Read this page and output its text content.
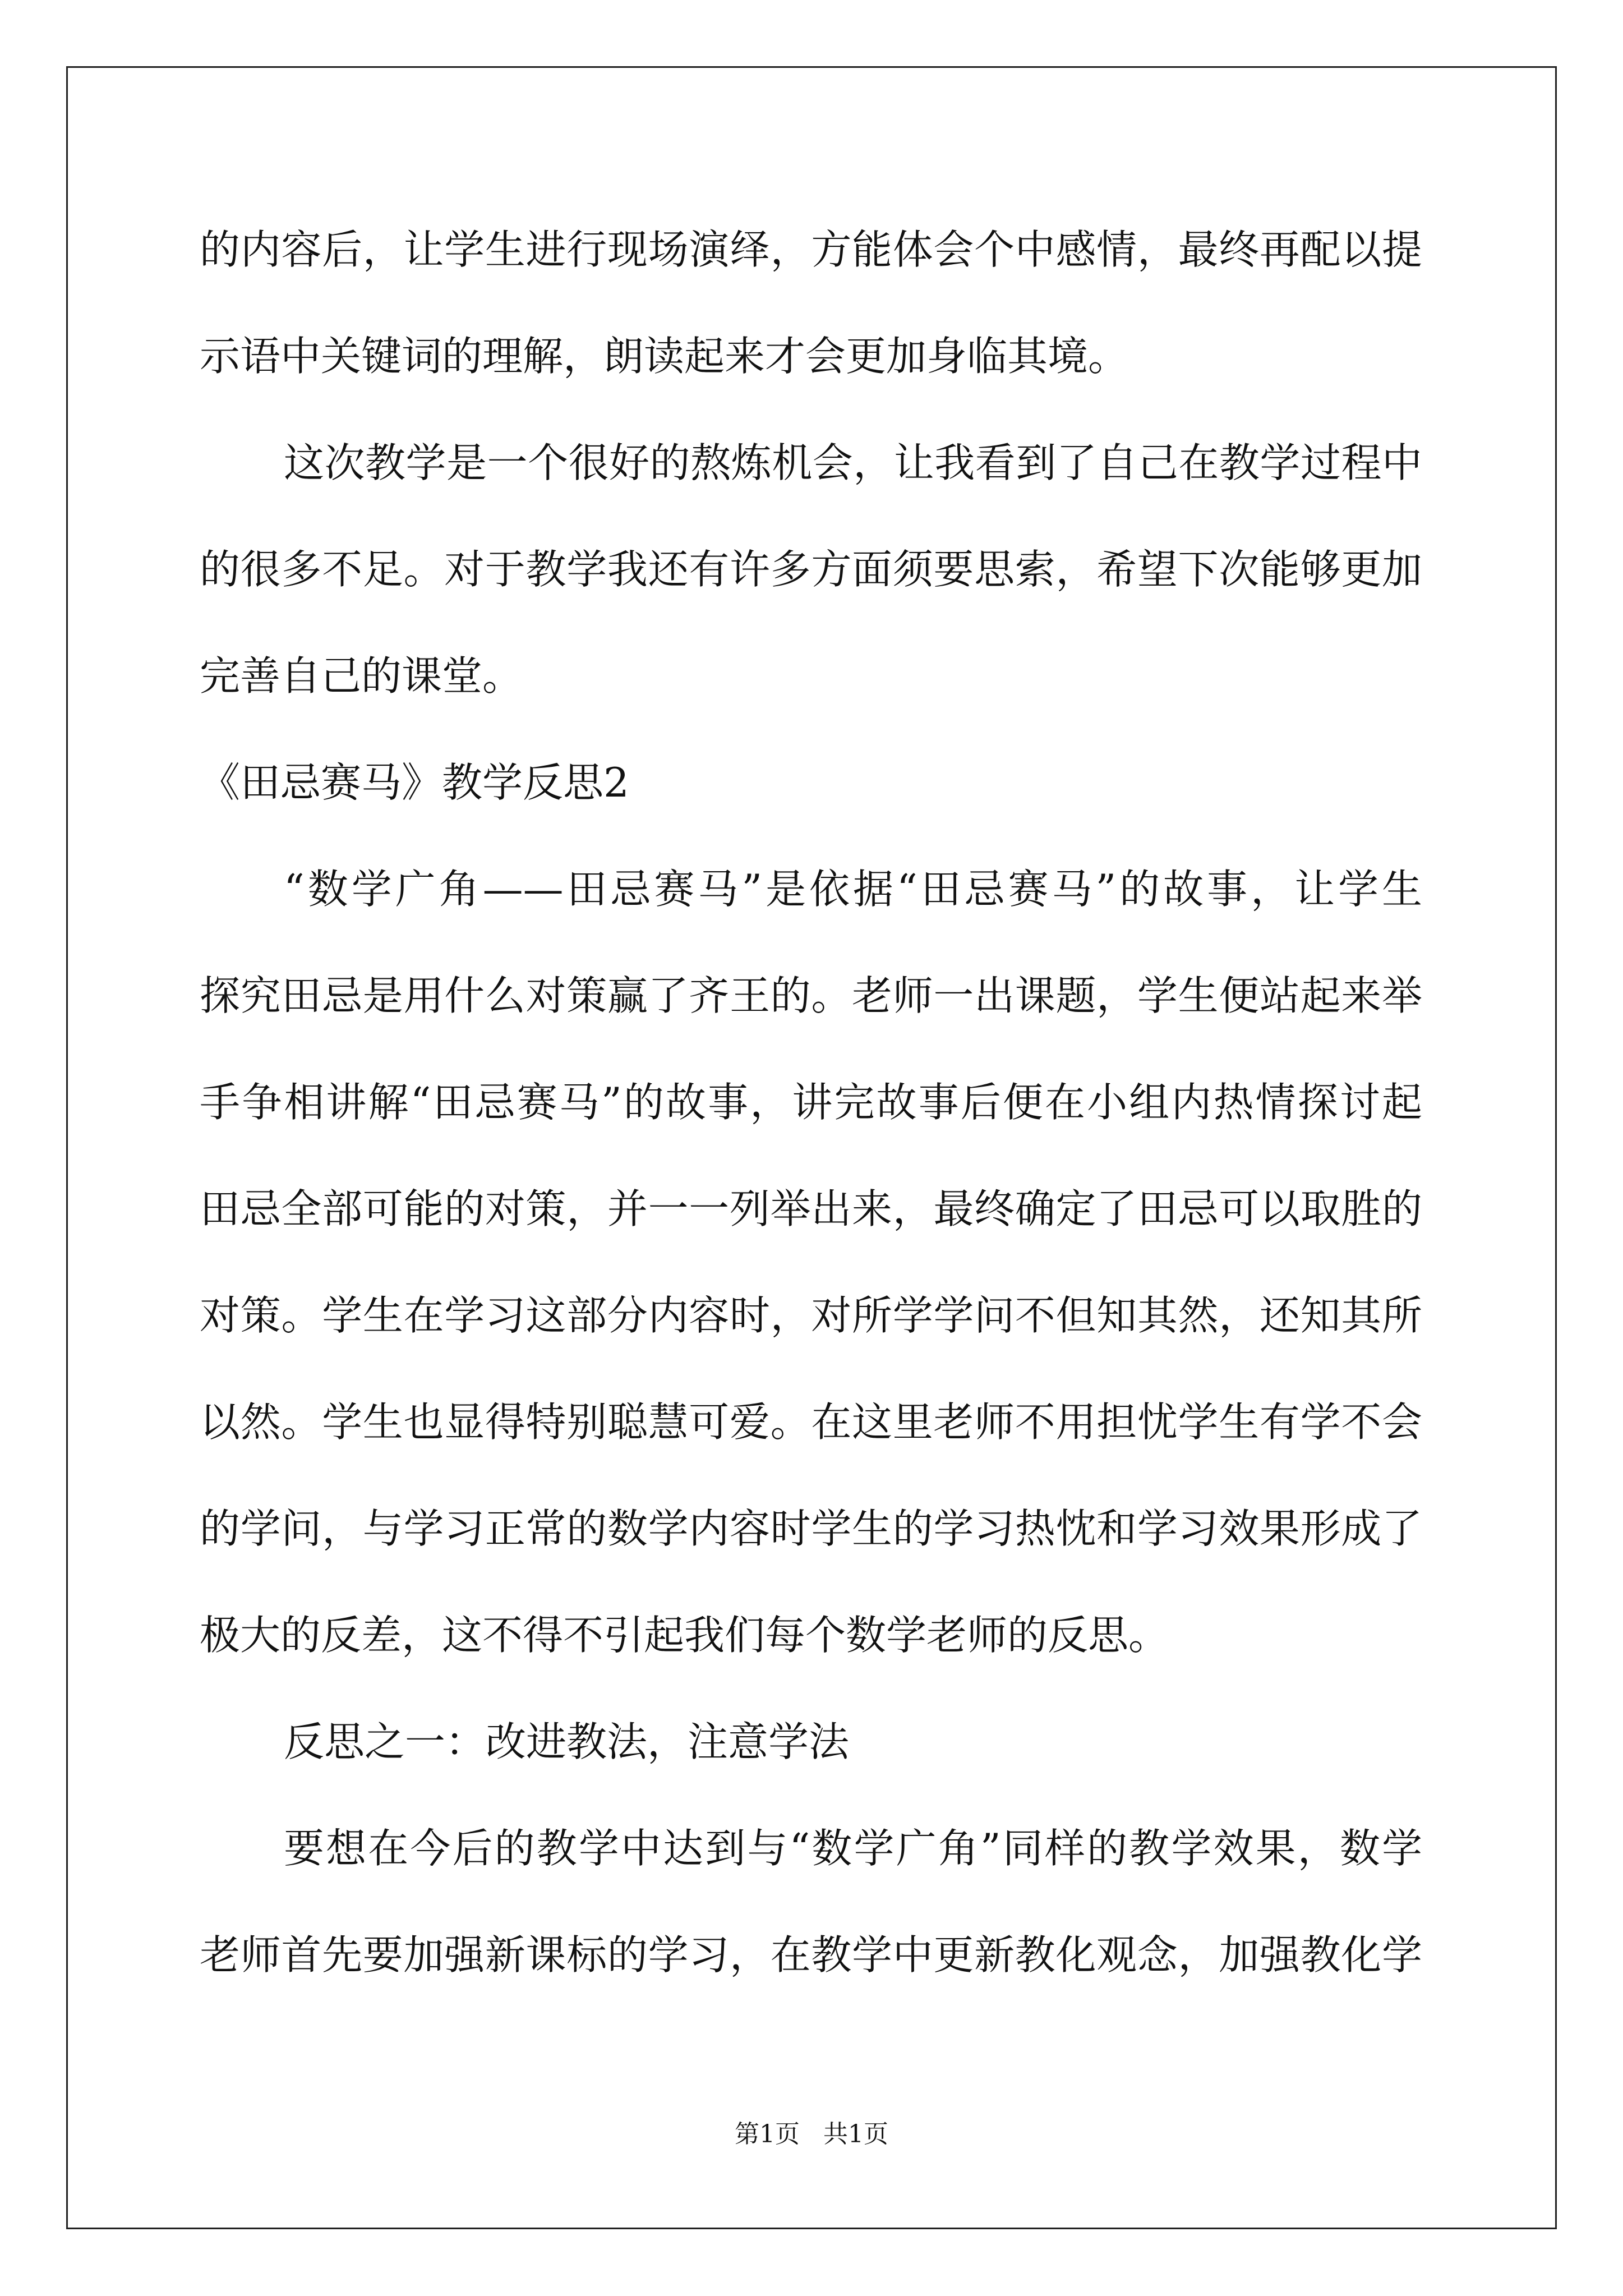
的内容后，让学生进行现场演绎，方能体会个中感情，最终再配以提
示语中关键词的理解，朗读起来才会更加身临其境。
这次教学是一个很好的熬炼机会，让我看到了自己在教学过程中
的很多不足。对于教学我还有许多方面须要思索，希望下次能够更加
完善自己的课堂。
《田忌赛马》教学反思2
“数学广角——田忌赛马”是依据“田忌赛马”的故事，让学生
探究田忌是用什么对策赢了齐王的。老师一出课题，学生便站起来举
手争相讲解“田忌赛马”的故事，讲完故事后便在小组内热情探讨起
田忌全部可能的对策，并一一列举出来，最终确定了田忌可以取胜的
对策。学生在学习这部分内容时，对所学学问不但知其然，还知其所
以然。学生也显得特别聪慧可爱。在这里老师不用担忧学生有学不会
的学问，与学习正常的数学内容时学生的学习热忱和学习效果形成了
极大的反差，这不得不引起我们每个数学老师的反思。
反思之一：改进教法，注意学法
要想在今后的教学中达到与“数学广角”同样的教学效果，数学
老师首先要加强新课标的学习，在教学中更新教化观念，加强教化学
第1页   共1页
